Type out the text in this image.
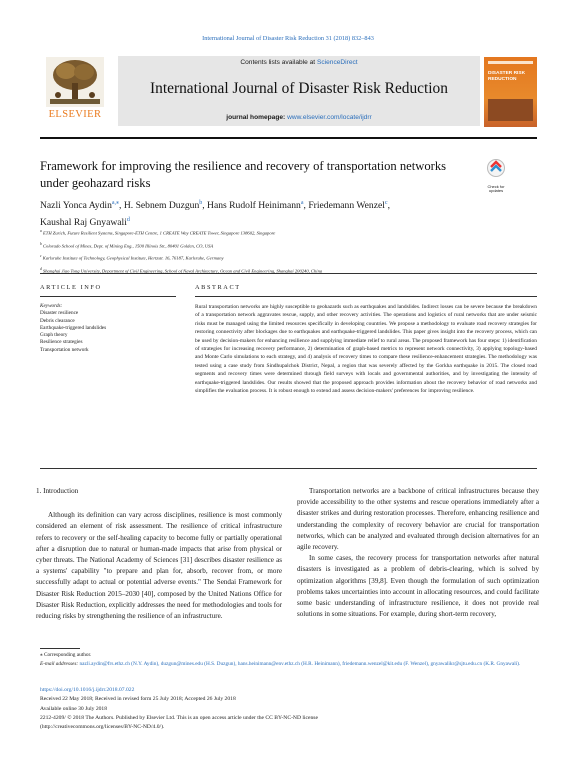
International Journal of Disaster Risk Reduction 31 (2018) 832–843
ELSEVIER
Contents lists available at ScienceDirect
International Journal of Disaster Risk Reduction
journal homepage: www.elsevier.com/locate/ijdrr
DISASTER RISK REDUCTION
Framework for improving the resilience and recovery of transportation networks under geohazard risks	Check for updates
Nazli Yonca Aydin$^{a,⁎}$, H. Sebnem Duzgun$^b$, Hans Rudolf Heinimann$^a$, Friedemann Wenzel$^c$,
Kaushal Raj Gnyawali$^d$
$^a$ ETH Zurich, Future Resilient Systems, Singapore-ETH Centre, 1 CREATE Way CREATE Tower, Singapore 138602, Singapore
$^b$ Colorado School of Mines, Dept. of Mining Eng., 1500 Illinois Str., 80401 Golden, CO, USA
$^c$ Karlsruhe Institute of Technology, Geophysical Institute, Hertzstr. 16, 76187, Karlsruhe, Germany
$^d$ Shanghai Jiao Tong University, Department of Civil Engineering, School of Naval Architecture, Ocean and Civil Engineering, Shanghai 200240, China
ARTICLE INFO
Keywords:
Disaster resilience
Debris clearance
Earthquake-triggered landslides
Graph theory
Resilience strategies
Transportation network
ABSTRACT
Rural transportation networks are highly susceptible to geohazards such as earthquakes and landslides. Indirect losses can be severe because the breakdown of a transportation network aggravates rescue, supply, and other recovery activities. The operations and logistics of rural networks that are under seismic risks must be managed using the limited resources specifically in developing countries. We propose a methodology to evaluate road recovery strategies for restoring connectivity after blockages due to earthquakes and earthquake-triggered landslides. This paper gives insight into the recovery process, which can be used by decision-makers for enhancing resilience and supplying immediate relief to rural areas. The proposed framework has four steps: 1) identification of strategies for increasing recovery performance, 2) determination of graph-based metrics to represent network connectivity, 3) applying topology-based and Monte Carlo simulations to each strategy, and 4) analysis of recovery times to compare these resilience-enhancement strategies. The methodology was tested using a case study from Sindhupalchok District, Nepal, a region that was severely affected by the Gorkha earthquake in 2015. The closed road segments and recovery times were determined through field surveys with locals and governmental authorities, and by investigating the intensity of earthquake-triggered landslides. Our results showed that the proposed approach provides information about the recovery behavior of road networks and simplifies the evaluation process. It is robust enough to extend and assess decision-makers' preferences for improving resilience.
1. Introduction

Although its definition can vary across disciplines, resilience is most commonly considered an element of risk assessment. The resilience of critical infrastructure refers to recovery or the self-healing capacity to become fully or partially operational after a disruption due to natural or human-made impacts that arise from physical or cyber threats. The National Academy of Sciences [31] describes disaster resilience as a systems' capability "to prepare and plan for, absorb, recover from, or more successfully adapt to actual or potential adverse events." The Sendai Framework for Disaster Risk Reduction 2015–2030 [40], composed by the United Nations Office for Disaster Risk Reduction, explicitly addresses the need for methodologies and tools for reducing risks by strengthening the resilience of an infrastructure.

Transportation networks are a backbone of critical infrastructures because they provide accessibility to the other systems and rescue operations immediately after a disaster strikes and during restoration processes. Therefore, enhancing resilience and understanding the complexity of recovery behavior are crucial for transportation networks, which can be analyzed and evaluated through decision alternatives for an agile recovery.

In some cases, the recovery process for transportation networks after natural disasters is investigated as a problem of debris-clearing, which is solved by optimization algorithms [39,8]. Even though the formulation of such optimization problems takes uncertainties into account in allocating resources, and could facilitate some basic understanding of infrastructure resilience, it does not provide real solutions in some situations. For example, during short-term recovery,

⁎ Corresponding author.
E-mail addresses: nazli.aydin@frs.ethz.ch (N.Y. Aydin), duzgun@mines.edu (H.S. Duzgun), hans.heinimann@env.ethz.ch (H.R. Heinimann), friedemann.wenzel@kit.edu (F. Wenzel), gnyawalikr@sjtu.edu.cn (K.R. Gnyawali).
https://doi.org/10.1016/j.ijdrr.2018.07.022
Received 22 May 2018; Received in revised form 25 July 2018; Accepted 26 July 2018
Available online 30 July 2018
2212-4209/ © 2018 The Authors. Published by Elsevier Ltd. This is an open access article under the CC BY-NC-ND license
(http://creativecommons.org/licenses/BY-NC-ND/4.0/).
